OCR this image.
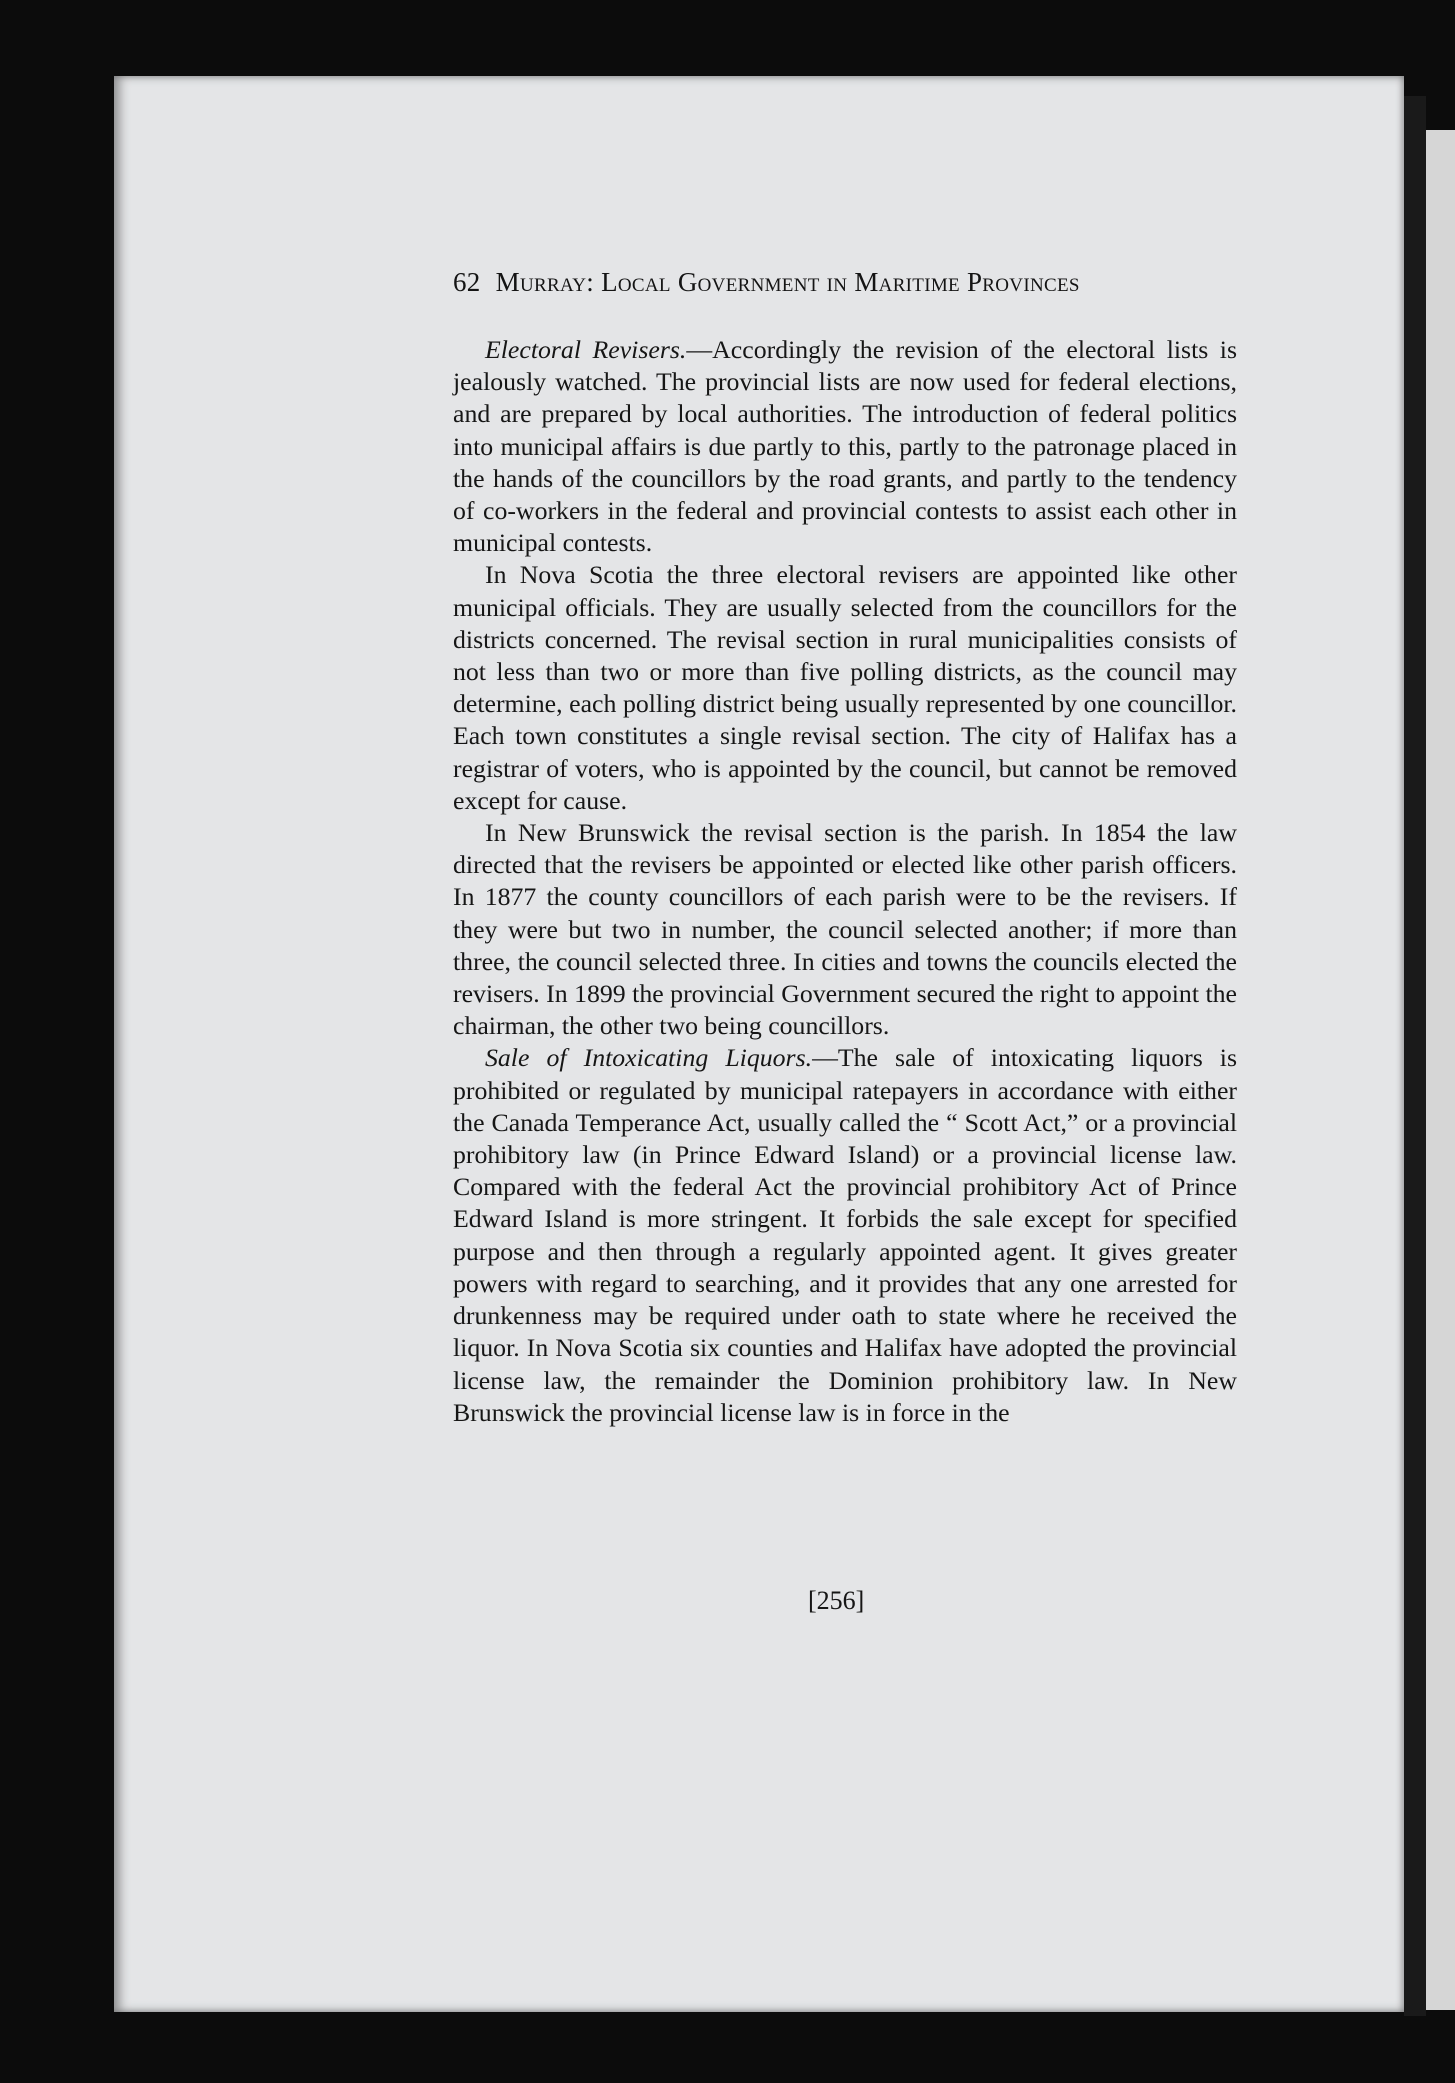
62 Murray: Local Government in Maritime Provinces

Electoral Revisers.—Accordingly the revision of the electoral lists is jealously watched. The provincial lists are now used for federal elections, and are prepared by local authorities. The introduction of federal politics into municipal affairs is due partly to this, partly to the patronage placed in the hands of the councillors by the road grants, and partly to the tendency of co-workers in the federal and provincial contests to assist each other in municipal contests.

In Nova Scotia the three electoral revisers are appointed like other municipal officials. They are usually selected from the councillors for the districts concerned. The revisal section in rural municipalities consists of not less than two or more than five polling districts, as the council may determine, each polling district being usually represented by one councillor. Each town constitutes a single revisal section. The city of Halifax has a registrar of voters, who is appointed by the council, but cannot be removed except for cause.

In New Brunswick the revisal section is the parish. In 1854 the law directed that the revisers be appointed or elected like other parish officers. In 1877 the county councillors of each parish were to be the revisers. If they were but two in number, the council selected another; if more than three, the council selected three. In cities and towns the councils elected the revisers. In 1899 the provincial Government secured the right to appoint the chairman, the other two being councillors.

Sale of Intoxicating Liquors.—The sale of intoxicating liquors is prohibited or regulated by municipal ratepayers in accordance with either the Canada Temperance Act, usually called the “ Scott Act,” or a provincial prohibitory law (in Prince Edward Island) or a provincial license law. Compared with the federal Act the provincial prohibitory Act of Prince Edward Island is more stringent. It forbids the sale except for specified purpose and then through a regularly appointed agent. It gives greater powers with regard to searching, and it provides that any one arrested for drunkenness may be required under oath to state where he received the liquor. In Nova Scotia six counties and Halifax have adopted the provincial license law, the remainder the Dominion prohibitory law. In New Brunswick the provincial license law is in force in the

[256]
